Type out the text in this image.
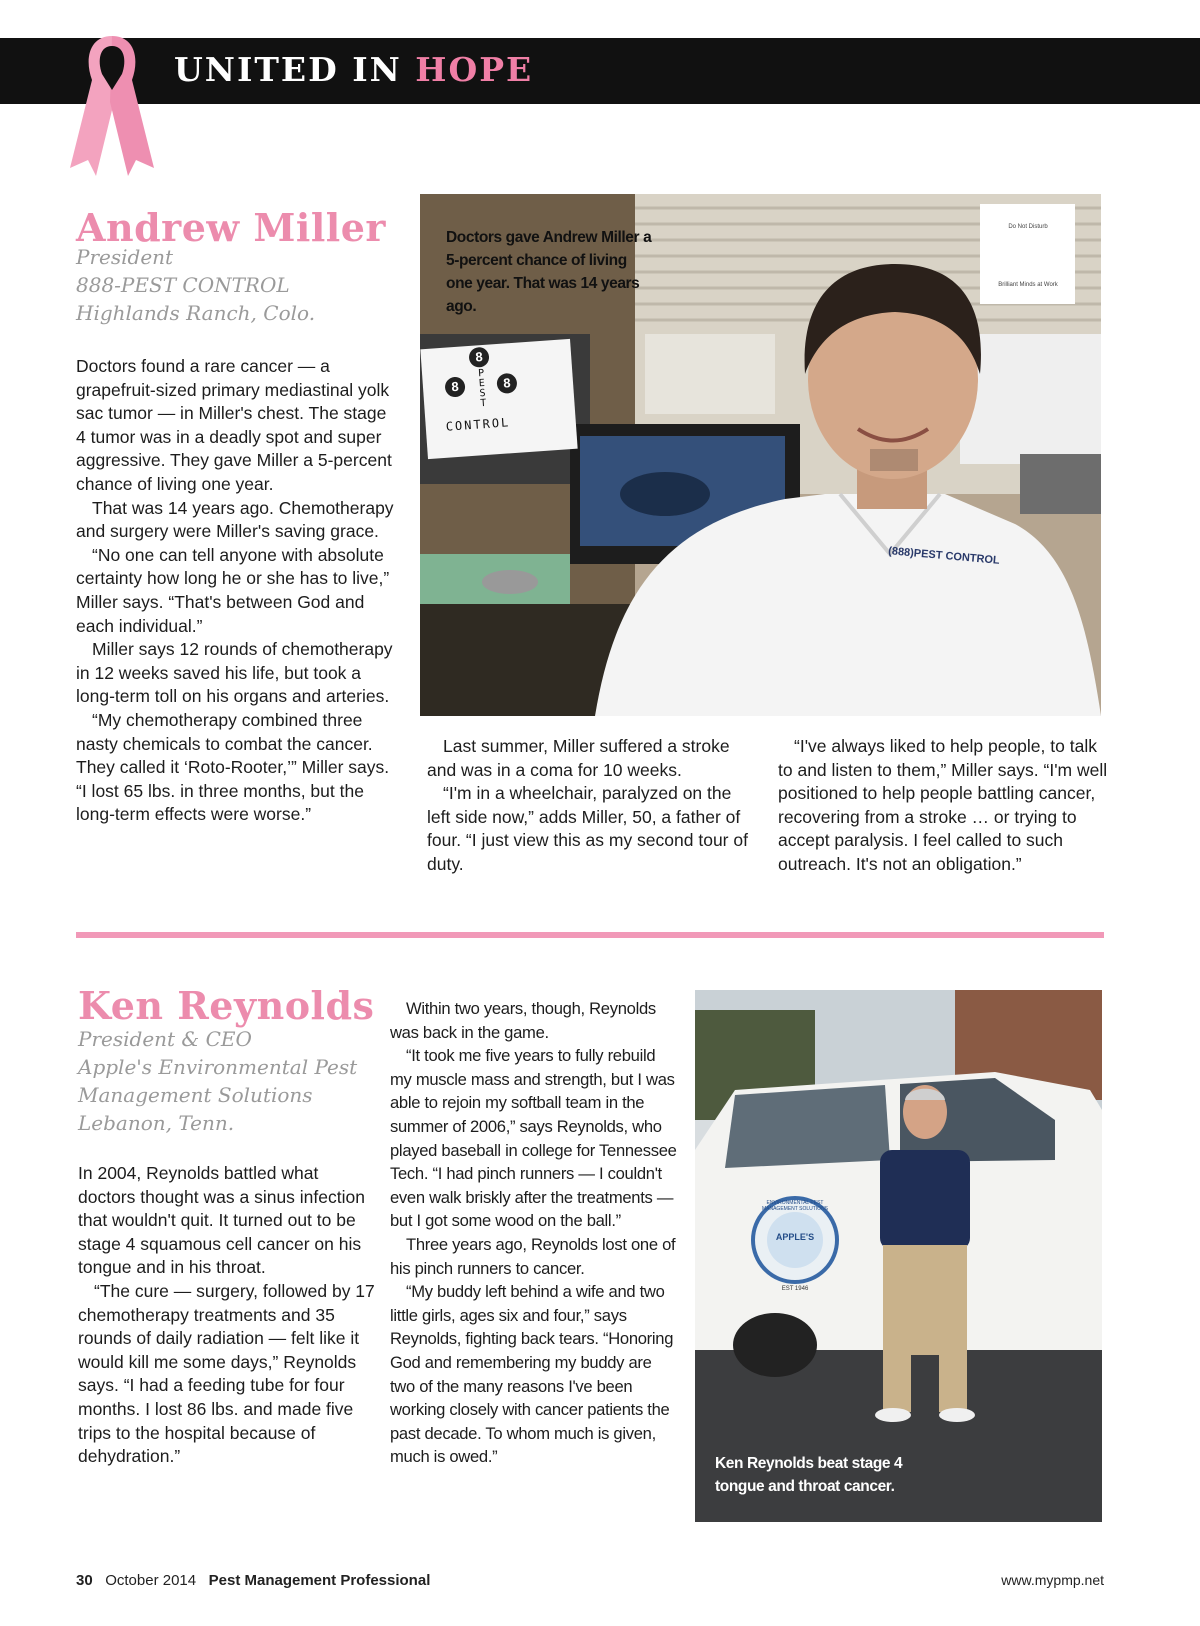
UNITED IN HOPE
Andrew Miller
President
888-PEST CONTROL
Highlands Ranch, Colo.

Doctors found a rare cancer — a grapefruit-sized primary mediastinal yolk sac tumor — in Miller's chest. The stage 4 tumor was in a deadly spot and super aggressive. They gave Miller a 5-percent chance of living one year.

That was 14 years ago. Chemotherapy and surgery were Miller's saving grace.

“No one can tell anyone with absolute certainty how long he or she has to live,” Miller says. “That's between God and each individual.”

Miller says 12 rounds of chemotherapy in 12 weeks saved his life, but took a long-term toll on his organs and arteries.

“My chemotherapy combined three nasty chemicals to combat the cancer. They called it ‘Roto-Rooter,’” Miller says. “I lost 65 lbs. in three months, but the long-term effects were worse.”

8
8	8
P
E
S
T
CONTROL
Do Not Disturb
Brilliant Minds at Work
(888)PEST CONTROL
Doctors gave Andrew Miller a 5-percent chance of living one year. That was 14 years ago.

Last summer, Miller suffered a stroke and was in a coma for 10 weeks.

“I'm in a wheelchair, paralyzed on the left side now,” adds Miller, 50, a father of four. “I just view this as my second tour of duty.

“I've always liked to help people, to talk to and listen to them,” Miller says. “I'm well positioned to help people battling cancer, recovering from a stroke … or trying to accept paralysis. I feel called to such outreach. It's not an obligation.”

Ken Reynolds
President & CEO
Apple's Environmental Pest
Management Solutions
Lebanon, Tenn.

In 2004, Reynolds battled what doctors thought was a sinus infection that wouldn't quit. It turned out to be stage 4 squamous cell cancer on his tongue and in his throat.

“The cure — surgery, followed by 17 chemotherapy treatments and 35 rounds of daily radiation — felt like it would kill me some days,” Reynolds says. “I had a feeding tube for four months. I lost 86 lbs. and made five trips to the hospital because of dehydration.”

Within two years, though, Reynolds was back in the game.

“It took me five years to fully rebuild my muscle mass and strength, but I was able to rejoin my softball team in the summer of 2006,” says Reynolds, who played baseball in college for Tennessee Tech. “I had pinch runners — I couldn't even walk briskly after the treatments — but I got some wood on the ball.”

Three years ago, Reynolds lost one of his pinch runners to cancer.

“My buddy left behind a wife and two little girls, ages six and four,” says Reynolds, fighting back tears. “Honoring God and remembering my buddy are two of the many reasons I've been working closely with cancer patients the past decade. To whom much is given, much is owed.”

APPLE'S
ENVIRONMENTAL PEST MANAGEMENT SOLUTIONS
EST 1946
Ken Reynolds beat stage 4 tongue and throat cancer.
30 October 2014 Pest Management Professional	www.mypmp.net
